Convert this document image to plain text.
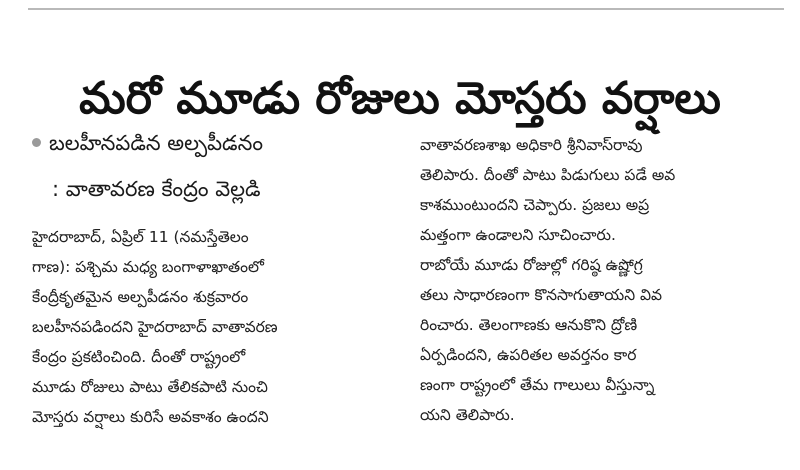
మరో మూడు రోజులు మోస్తరు వర్షాలు
బలహీనపడిన అల్పపీడనం
: వాతావరణ కేంద్రం వెల్లడి

హైదరాబాద్, ఏప్రిల్ 11 (నమస్తేతెలం

గాణ): పశ్చిమ మధ్య బంగాళాఖాతంలో

కేంద్రీకృతమైన అల్పపీడనం శుక్రవారం

బలహీనపడిందని హైదరాబాద్ వాతావరణ

కేంద్రం ప్రకటించింది. దీంతో రాష్ట్రంలో

మూడు రోజులు పాటు తేలికపాటి నుంచి

మోస్తరు వర్షాలు కురిసే అవకాశం ఉందని

వాతావరణశాఖ అధికారి శ్రీనివాస్‌రావు

తెలిపారు. దీంతో పాటు పిడుగులు పడే అవ

కాశముంటుందని చెప్పారు. ప్రజలు అప్ర

మత్తంగా ఉండాలని సూచించారు.

రాబోయే మూడు రోజుల్లో గరిష్ఠ ఉష్ణోగ్ర

తలు సాధారణంగా కొనసాగుతాయని వివ

రించారు. తెలంగాణకు ఆనుకొని ద్రోణి

ఏర్పడిందని, ఉపరితల అవర్తనం కార

ణంగా రాష్ట్రంలో తేమ గాలులు వీస్తున్నా

యని తెలిపారు.
